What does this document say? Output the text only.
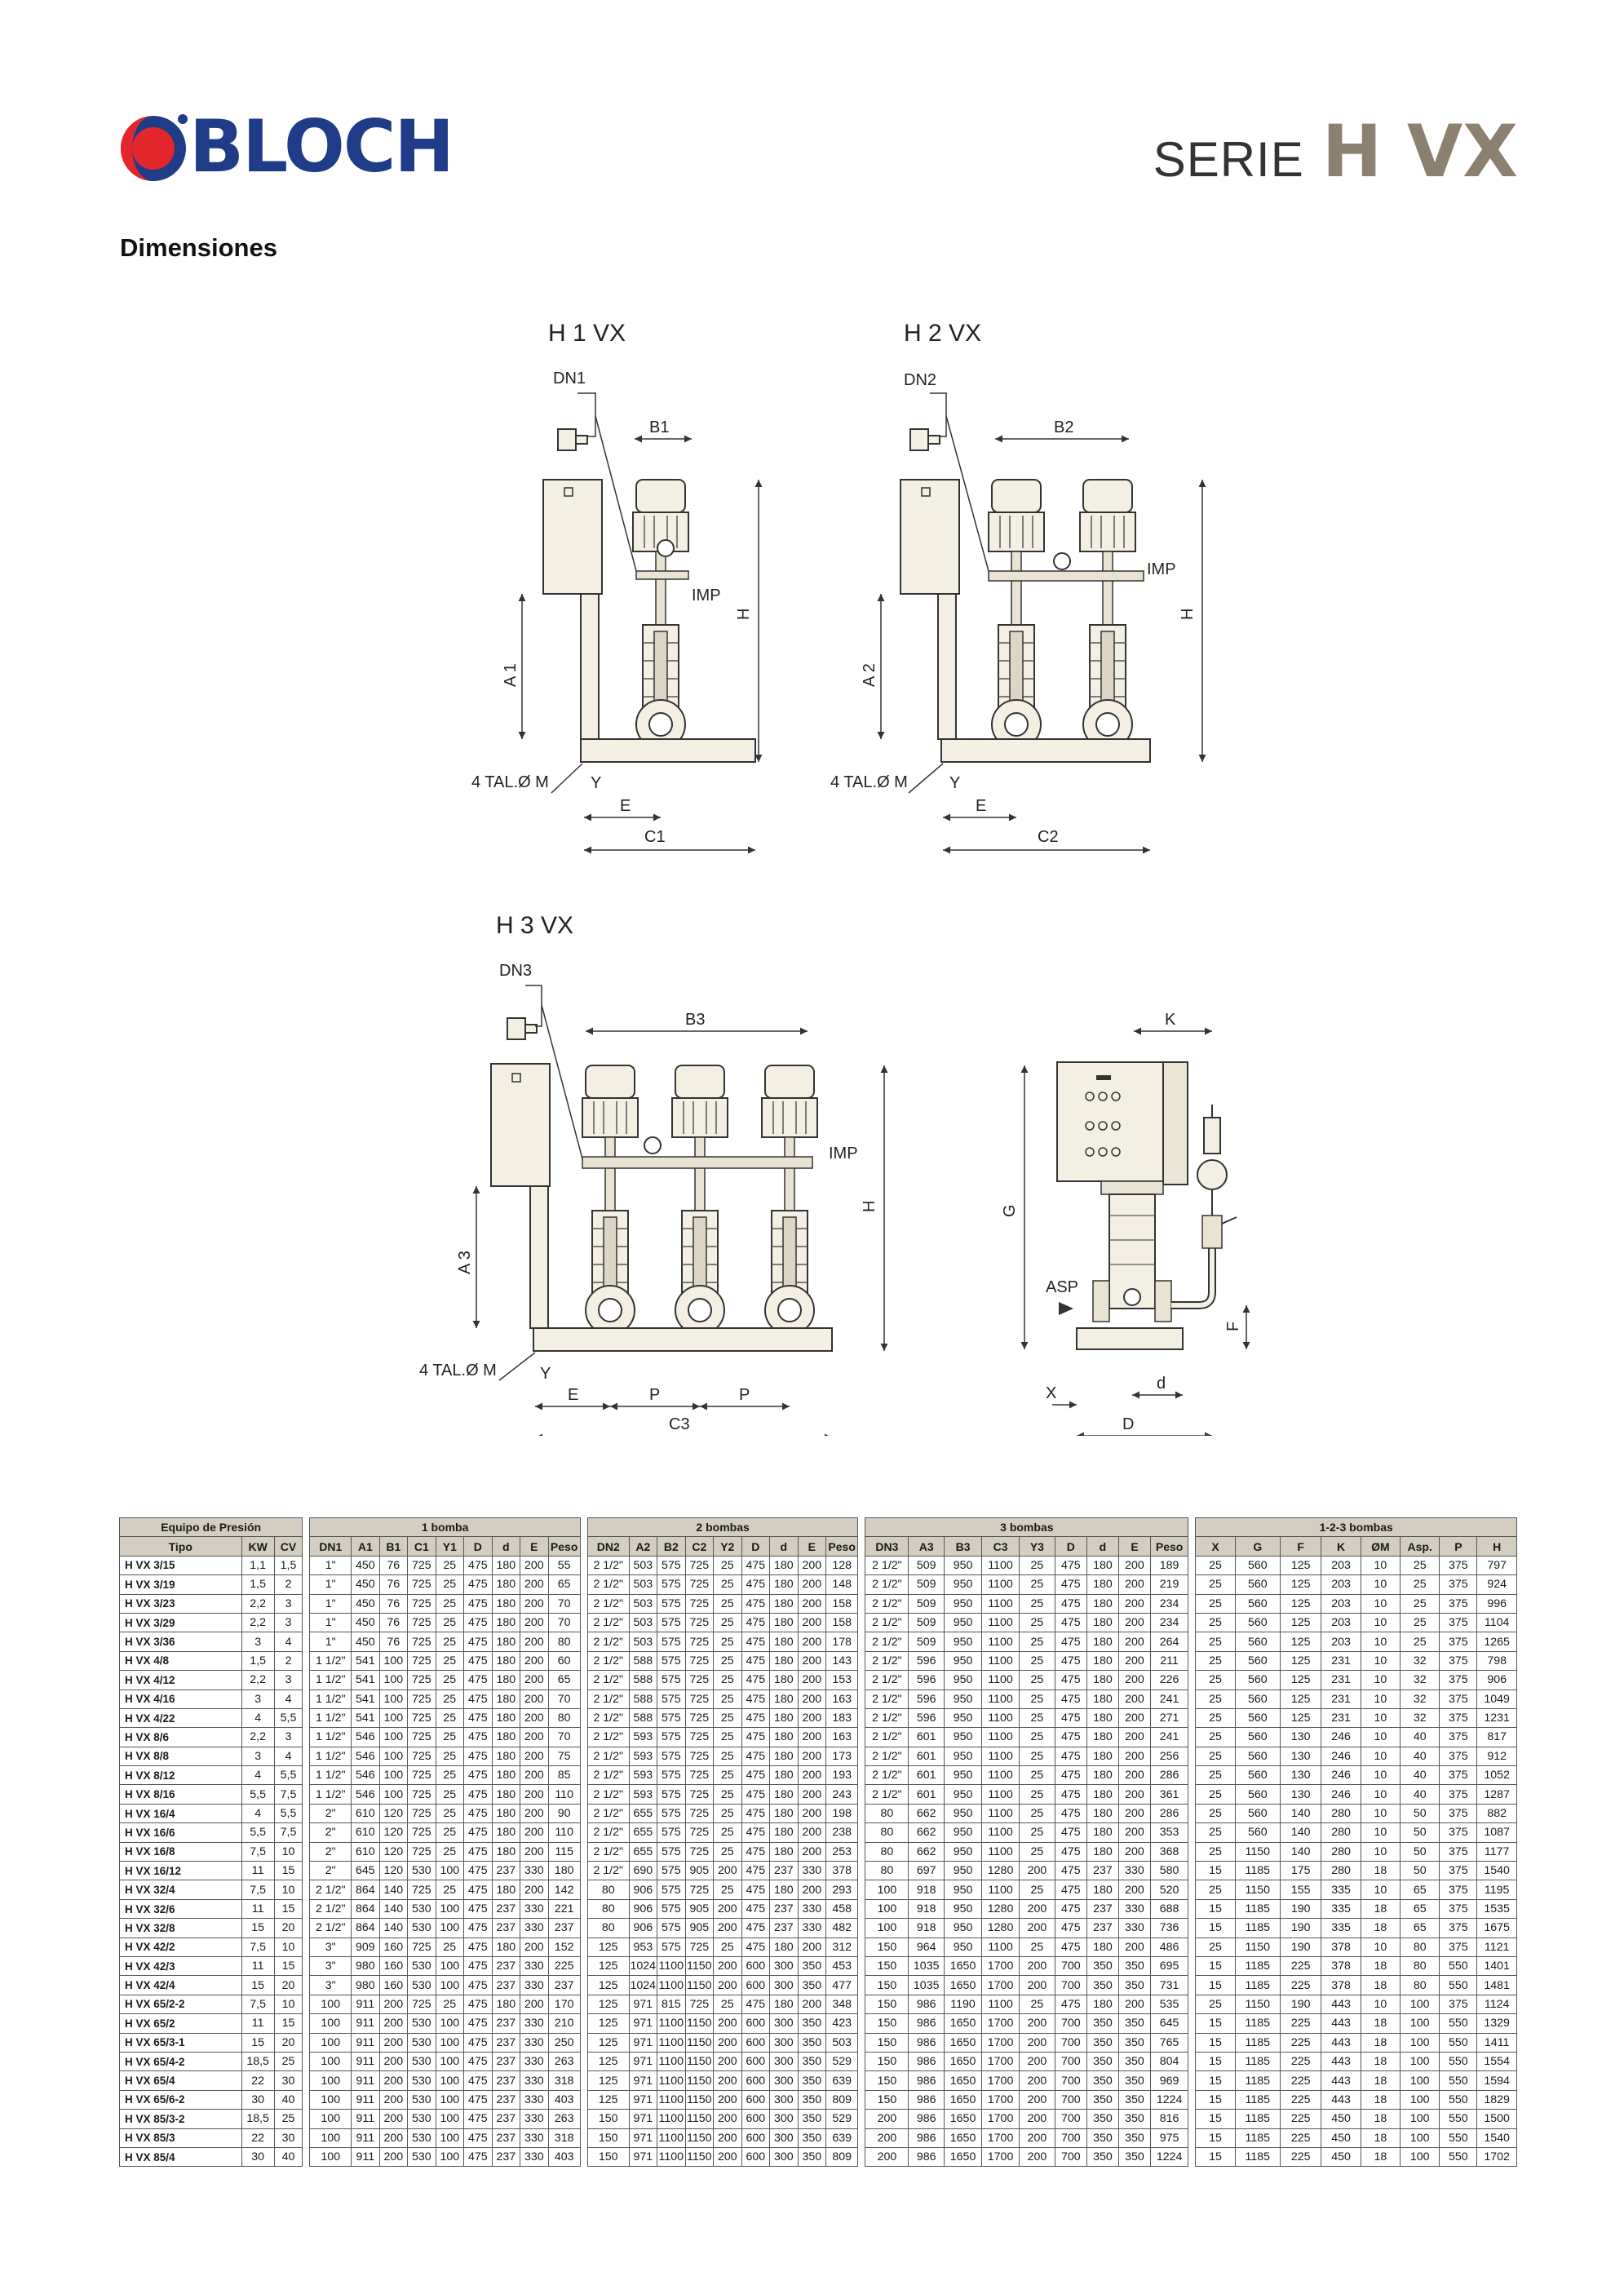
BLOCH	SERIE H VX
Dimensiones
H 1 VX
DN1
B1
H
IMP
A 1
4 TAL.Ø M	Y
E
C1
H 2 VX
DN2
B2
H
IMP
A 2
4 TAL.Ø M	Y
E
C2
H 3 VX
DN3
B3
H
IMP
A 3
4 TAL.Ø M	Y
E	P	P
C3
K
G
ASP
F
X
d
D
Equipo de Presión				1 bomba										2 bombas										3 bombas										1-2-3 bombas							
Tipo	KW	CV		DN1	A1	B1	C1	Y1	D	d	E	Peso		DN2	A2	B2	C2	Y2	D	d	E	Peso		DN3	A3	B3	C3	Y3	D	d	E	Peso		X	G	F	K	ØM	Asp.	P	H
H VX 3/15	1,1	1,5		1"	450	76	725	25	475	180	200	55		2 1/2"	503	575	725	25	475	180	200	128		2 1/2"	509	950	1100	25	475	180	200	189		25	560	125	203	10	25	375	797
H VX 3/19	1,5	2		1"	450	76	725	25	475	180	200	65		2 1/2"	503	575	725	25	475	180	200	148		2 1/2"	509	950	1100	25	475	180	200	219		25	560	125	203	10	25	375	924
H VX 3/23	2,2	3		1"	450	76	725	25	475	180	200	70		2 1/2"	503	575	725	25	475	180	200	158		2 1/2"	509	950	1100	25	475	180	200	234		25	560	125	203	10	25	375	996
H VX 3/29	2,2	3		1"	450	76	725	25	475	180	200	70		2 1/2"	503	575	725	25	475	180	200	158		2 1/2"	509	950	1100	25	475	180	200	234		25	560	125	203	10	25	375	1104
H VX 3/36	3	4		1"	450	76	725	25	475	180	200	80		2 1/2"	503	575	725	25	475	180	200	178		2 1/2"	509	950	1100	25	475	180	200	264		25	560	125	203	10	25	375	1265
H VX 4/8	1,5	2		1 1/2"	541	100	725	25	475	180	200	60		2 1/2"	588	575	725	25	475	180	200	143		2 1/2"	596	950	1100	25	475	180	200	211		25	560	125	231	10	32	375	798
H VX 4/12	2,2	3		1 1/2"	541	100	725	25	475	180	200	65		2 1/2"	588	575	725	25	475	180	200	153		2 1/2"	596	950	1100	25	475	180	200	226		25	560	125	231	10	32	375	906
H VX 4/16	3	4		1 1/2"	541	100	725	25	475	180	200	70		2 1/2"	588	575	725	25	475	180	200	163		2 1/2"	596	950	1100	25	475	180	200	241		25	560	125	231	10	32	375	1049
H VX 4/22	4	5,5		1 1/2"	541	100	725	25	475	180	200	80		2 1/2"	588	575	725	25	475	180	200	183		2 1/2"	596	950	1100	25	475	180	200	271		25	560	125	231	10	32	375	1231
H VX 8/6	2,2	3		1 1/2"	546	100	725	25	475	180	200	70		2 1/2"	593	575	725	25	475	180	200	163		2 1/2"	601	950	1100	25	475	180	200	241		25	560	130	246	10	40	375	817
H VX 8/8	3	4		1 1/2"	546	100	725	25	475	180	200	75		2 1/2"	593	575	725	25	475	180	200	173		2 1/2"	601	950	1100	25	475	180	200	256		25	560	130	246	10	40	375	912
H VX 8/12	4	5,5		1 1/2"	546	100	725	25	475	180	200	85		2 1/2"	593	575	725	25	475	180	200	193		2 1/2"	601	950	1100	25	475	180	200	286		25	560	130	246	10	40	375	1052
H VX 8/16	5,5	7,5		1 1/2"	546	100	725	25	475	180	200	110		2 1/2"	593	575	725	25	475	180	200	243		2 1/2"	601	950	1100	25	475	180	200	361		25	560	130	246	10	40	375	1287
H VX 16/4	4	5,5		2"	610	120	725	25	475	180	200	90		2 1/2"	655	575	725	25	475	180	200	198		80	662	950	1100	25	475	180	200	286		25	560	140	280	10	50	375	882
H VX 16/6	5,5	7,5		2"	610	120	725	25	475	180	200	110		2 1/2"	655	575	725	25	475	180	200	238		80	662	950	1100	25	475	180	200	353		25	560	140	280	10	50	375	1087
H VX 16/8	7,5	10		2"	610	120	725	25	475	180	200	115		2 1/2"	655	575	725	25	475	180	200	253		80	662	950	1100	25	475	180	200	368		25	1150	140	280	10	50	375	1177
H VX 16/12	11	15		2"	645	120	530	100	475	237	330	180		2 1/2"	690	575	905	200	475	237	330	378		80	697	950	1280	200	475	237	330	580		15	1185	175	280	18	50	375	1540
H VX 32/4	7,5	10		2 1/2"	864	140	725	25	475	180	200	142		80	906	575	725	25	475	180	200	293		100	918	950	1100	25	475	180	200	520		25	1150	155	335	10	65	375	1195
H VX 32/6	11	15		2 1/2"	864	140	530	100	475	237	330	221		80	906	575	905	200	475	237	330	458		100	918	950	1280	200	475	237	330	688		15	1185	190	335	18	65	375	1535
H VX 32/8	15	20		2 1/2"	864	140	530	100	475	237	330	237		80	906	575	905	200	475	237	330	482		100	918	950	1280	200	475	237	330	736		15	1185	190	335	18	65	375	1675
H VX 42/2	7,5	10		3"	909	160	725	25	475	180	200	152		125	953	575	725	25	475	180	200	312		150	964	950	1100	25	475	180	200	486		25	1150	190	378	10	80	375	1121
H VX 42/3	11	15		3"	980	160	530	100	475	237	330	225		125	1024	1100	1150	200	600	300	350	453		150	1035	1650	1700	200	700	350	350	695		15	1185	225	378	18	80	550	1401
H VX 42/4	15	20		3"	980	160	530	100	475	237	330	237		125	1024	1100	1150	200	600	300	350	477		150	1035	1650	1700	200	700	350	350	731		15	1185	225	378	18	80	550	1481
H VX 65/2-2	7,5	10		100	911	200	725	25	475	180	200	170		125	971	815	725	25	475	180	200	348		150	986	1190	1100	25	475	180	200	535		25	1150	190	443	10	100	375	1124
H VX 65/2	11	15		100	911	200	530	100	475	237	330	210		125	971	1100	1150	200	600	300	350	423		150	986	1650	1700	200	700	350	350	645		15	1185	225	443	18	100	550	1329
H VX 65/3-1	15	20		100	911	200	530	100	475	237	330	250		125	971	1100	1150	200	600	300	350	503		150	986	1650	1700	200	700	350	350	765		15	1185	225	443	18	100	550	1411
H VX 65/4-2	18,5	25		100	911	200	530	100	475	237	330	263		125	971	1100	1150	200	600	300	350	529		150	986	1650	1700	200	700	350	350	804		15	1185	225	443	18	100	550	1554
H VX 65/4	22	30		100	911	200	530	100	475	237	330	318		125	971	1100	1150	200	600	300	350	639		150	986	1650	1700	200	700	350	350	969		15	1185	225	443	18	100	550	1594
H VX 65/6-2	30	40		100	911	200	530	100	475	237	330	403		125	971	1100	1150	200	600	300	350	809		150	986	1650	1700	200	700	350	350	1224		15	1185	225	443	18	100	550	1829
H VX 85/3-2	18,5	25		100	911	200	530	100	475	237	330	263		150	971	1100	1150	200	600	300	350	529		200	986	1650	1700	200	700	350	350	816		15	1185	225	450	18	100	550	1500
H VX 85/3	22	30		100	911	200	530	100	475	237	330	318		150	971	1100	1150	200	600	300	350	639		200	986	1650	1700	200	700	350	350	975		15	1185	225	450	18	100	550	1540
H VX 85/4	30	40		100	911	200	530	100	475	237	330	403		150	971	1100	1150	200	600	300	350	809		200	986	1650	1700	200	700	350	350	1224		15	1185	225	450	18	100	550	1702
